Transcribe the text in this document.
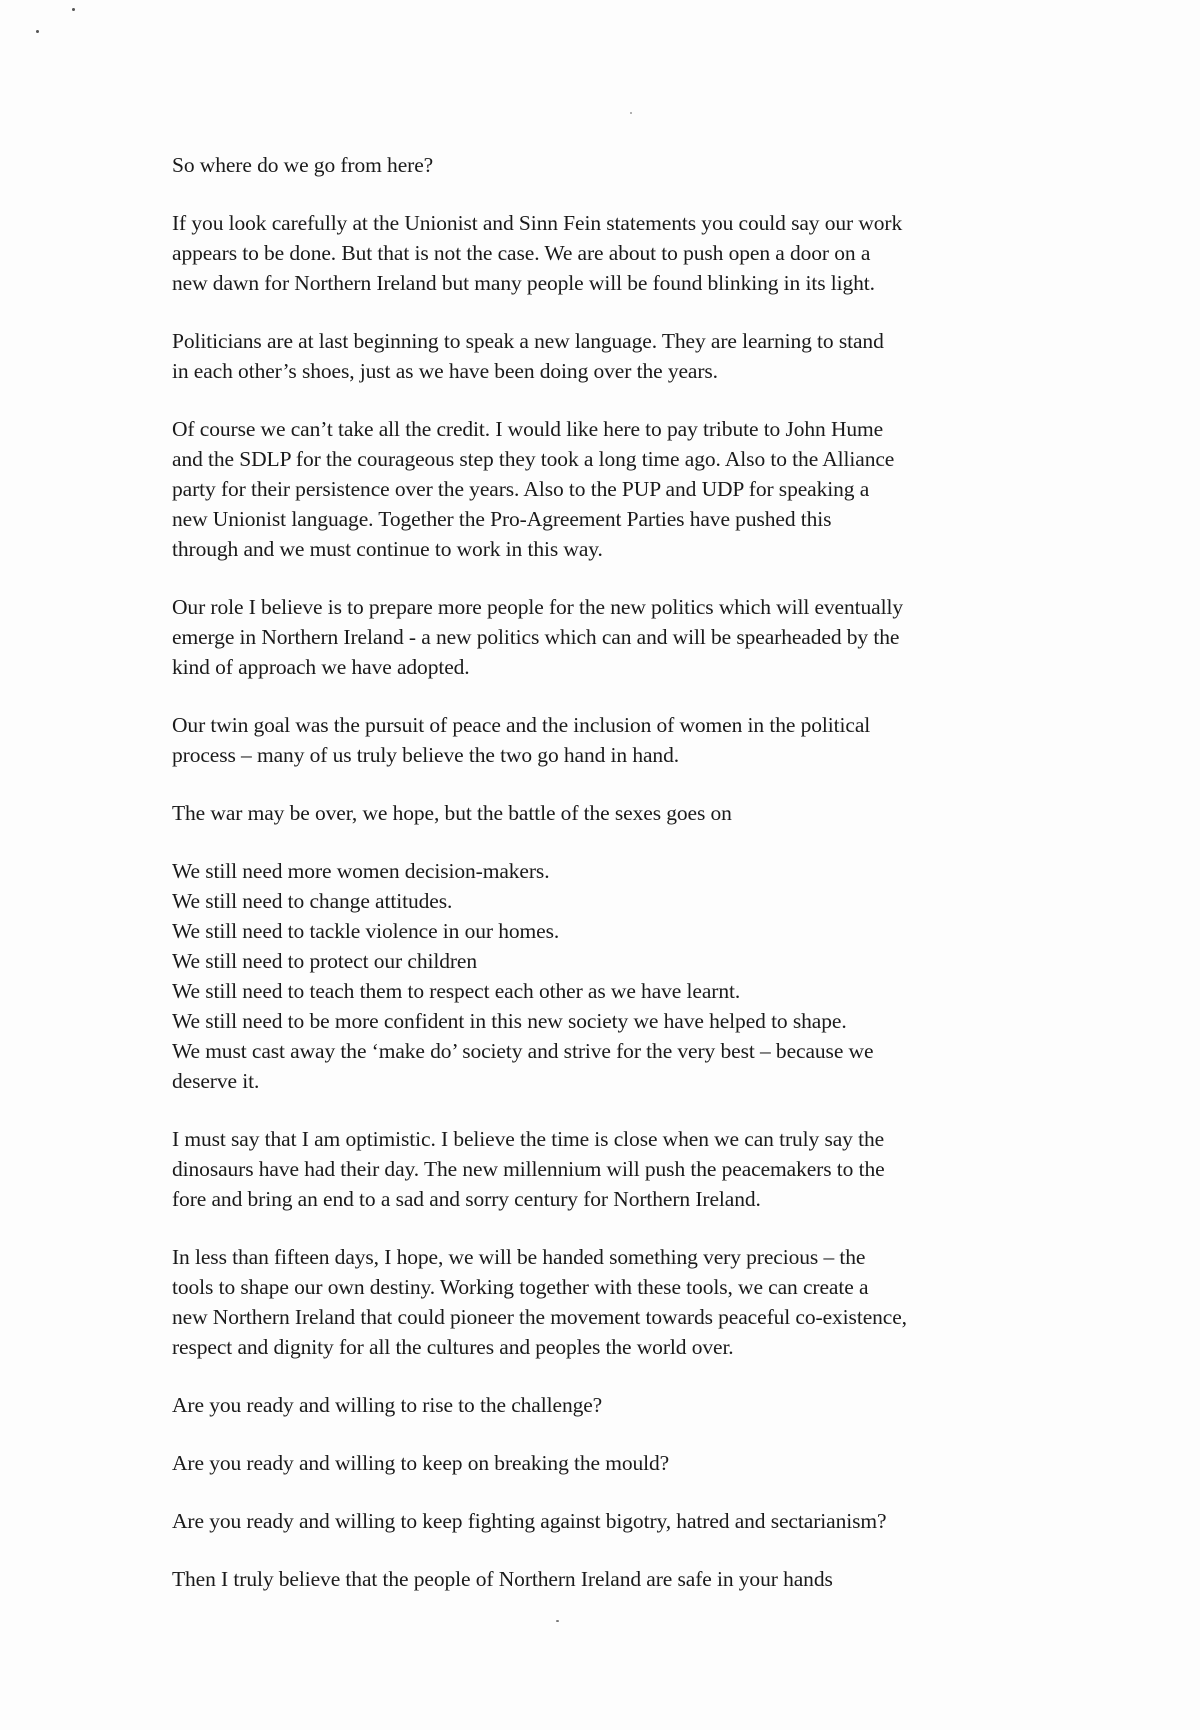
So where do we go from here?

If you look carefully at the Unionist and Sinn Fein statements you could say our work
appears to be done. But that is not the case. We are about to push open a door on a
new dawn for Northern Ireland but many people will be found blinking in its light.

Politicians are at last beginning to speak a new language. They are learning to stand
in each other’s shoes, just as we have been doing over the years.

Of course we can’t take all the credit. I would like here to pay tribute to John Hume
and the SDLP for the courageous step they took a long time ago. Also to the Alliance
party for their persistence over the years. Also to the PUP and UDP for speaking a
new Unionist language. Together the Pro-Agreement Parties have pushed this
through and we must continue to work in this way.

Our role I believe is to prepare more people for the new politics which will eventually
emerge in Northern Ireland - a new politics which can and will be spearheaded by the
kind of approach we have adopted.

Our twin goal was the pursuit of peace and the inclusion of women in the political
process – many of us truly believe the two go hand in hand.

The war may be over, we hope, but the battle of the sexes goes on

We still need more women decision-makers.
We still need to change attitudes.
We still need to tackle violence in our homes.
We still need to protect our children
We still need to teach them to respect each other as we have learnt.
We still need to be more confident in this new society we have helped to shape.
We must cast away the ‘make do’ society and strive for the very best – because we
deserve it.

I must say that I am optimistic. I believe the time is close when we can truly say the
dinosaurs have had their day. The new millennium will push the peacemakers to the
fore and bring an end to a sad and sorry century for Northern Ireland.

In less than fifteen days, I hope, we will be handed something very precious – the
tools to shape our own destiny. Working together with these tools, we can create a
new Northern Ireland that could pioneer the movement towards peaceful co-existence,
respect and dignity for all the cultures and peoples the world over.

Are you ready and willing to rise to the challenge?

Are you ready and willing to keep on breaking the mould?

Are you ready and willing to keep fighting against bigotry, hatred and sectarianism?

Then I truly believe that the people of Northern Ireland are safe in your hands
